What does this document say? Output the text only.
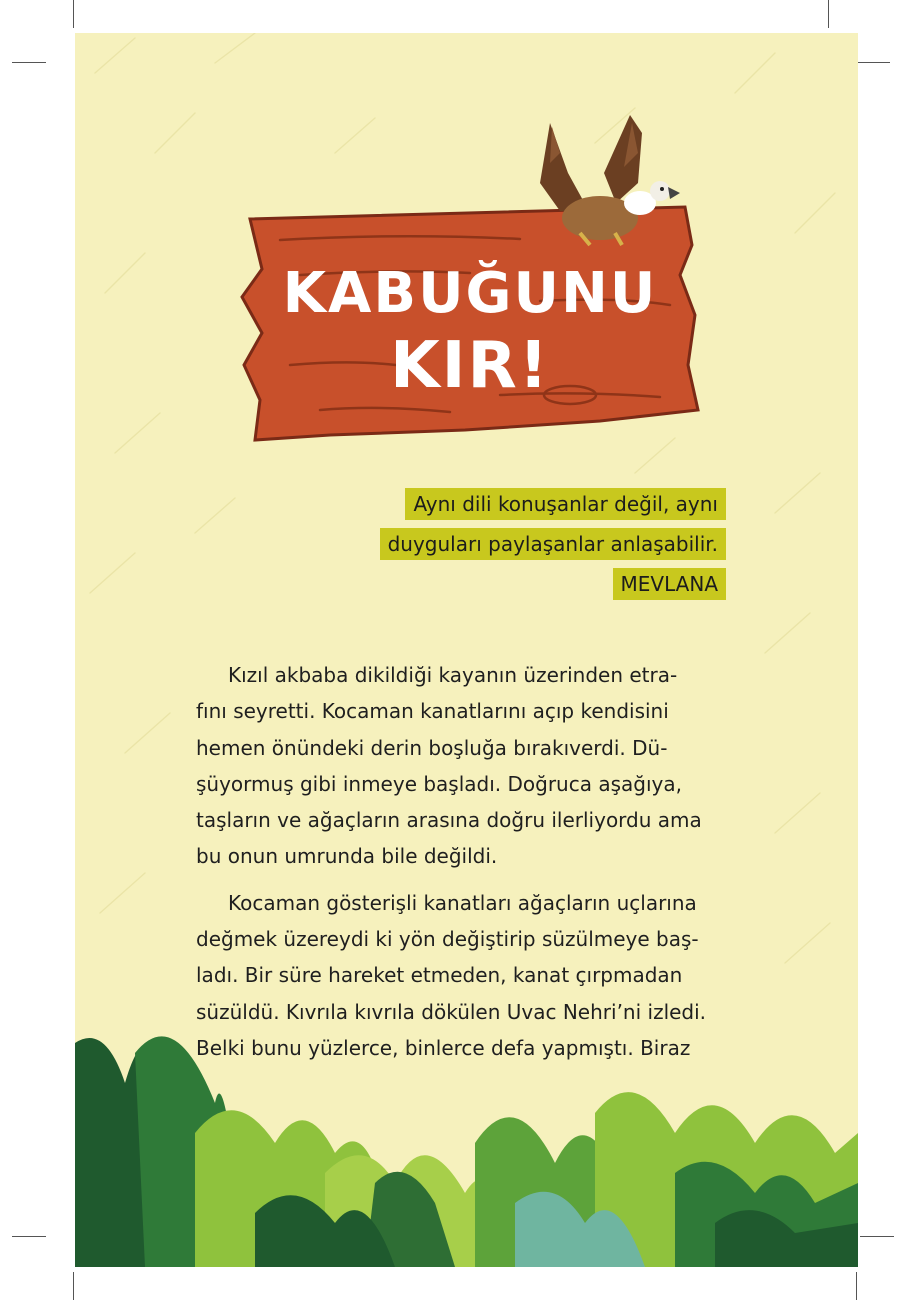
KABUĞUNU
KIR!
Aynı dili konuşanlar değil, aynı
duyguları paylaşanlar anlaşabilir.
MEVLANA
Kızıl akbaba dikildiği kayanın üzerinden etra-
fını seyretti. Kocaman kanatlarını açıp kendisini
hemen önündeki derin boşluğa bırakıverdi. Dü-
şüyormuş gibi inmeye başladı. Doğruca aşağıya,
taşların ve ağaçların arasına doğru ilerliyordu ama
bu onun umrunda bile değildi.
Kocaman gösterişli kanatları ağaçların uçlarına
değmek üzereydi ki yön değiştirip süzülmeye baş-
ladı. Bir süre hareket etmeden, kanat çırpmadan
süzüldü. Kıvrıla kıvrıla dökülen Uvac Nehri’ni izledi.
Belki bunu yüzlerce, binlerce defa yapmıştı. Biraz
